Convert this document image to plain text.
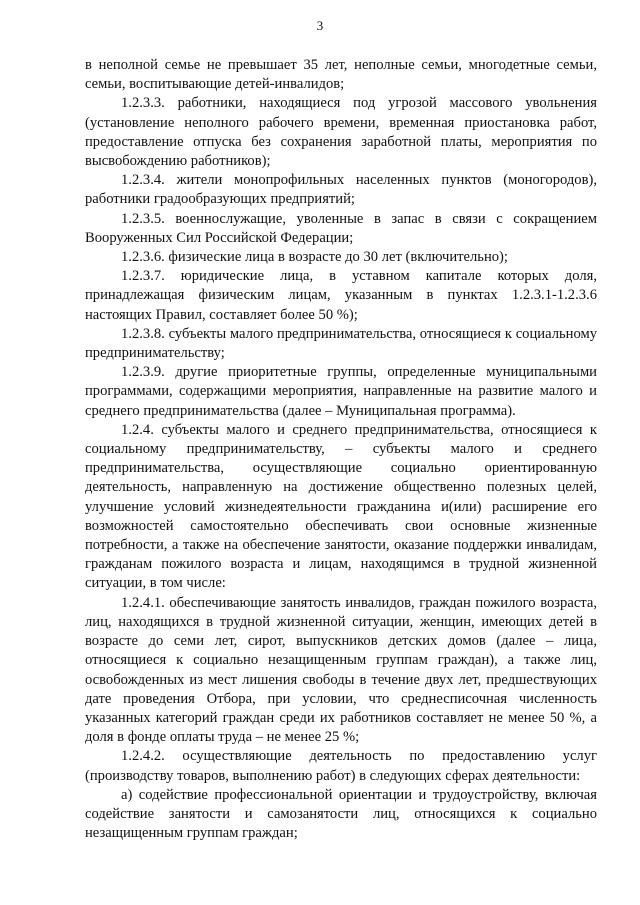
3

в неполной семье не превышает 35 лет, неполные семьи, многодетные семьи, семьи, воспитывающие детей-инвалидов;

1.2.3.3. работники, находящиеся под угрозой массового увольнения (установление неполного рабочего времени, временная приостановка работ, предоставление отпуска без сохранения заработной платы, мероприятия по высвобождению работников);

1.2.3.4. жители монопрофильных населенных пунктов (моногородов), работники градообразующих предприятий;

1.2.3.5. военнослужащие, уволенные в запас в связи с сокращением Вооруженных Сил Российской Федерации;

1.2.3.6. физические лица в возрасте до 30 лет (включительно);

1.2.3.7. юридические лица, в уставном капитале которых доля, принадлежащая физическим лицам, указанным в пунктах 1.2.3.1-1.2.3.6 настоящих Правил, составляет более 50 %);

1.2.3.8. субъекты малого предпринимательства, относящиеся к социальному предпринимательству;

1.2.3.9. другие приоритетные группы, определенные муниципальными программами, содержащими мероприятия, направленные на развитие малого и среднего предпринимательства (далее – Муниципальная программа).

1.2.4. субъекты малого и среднего предпринимательства, относящиеся к социальному предпринимательству, – субъекты малого и среднего предпринимательства, осуществляющие социально ориентированную деятельность, направленную на достижение общественно полезных целей, улучшение условий жизнедеятельности гражданина и(или) расширение его возможностей самостоятельно обеспечивать свои основные жизненные потребности, а также на обеспечение занятости, оказание поддержки инвалидам, гражданам пожилого возраста и лицам, находящимся в трудной жизненной ситуации, в том числе:

1.2.4.1. обеспечивающие занятость инвалидов, граждан пожилого возраста, лиц, находящихся в трудной жизненной ситуации, женщин, имеющих детей в возрасте до семи лет, сирот, выпускников детских домов (далее – лица, относящиеся к социально незащищенным группам граждан), а также лиц, освобожденных из мест лишения свободы в течение двух лет, предшествующих дате проведения Отбора, при условии, что среднесписочная численность указанных категорий граждан среди их работников составляет не менее 50 %, а доля в фонде оплаты труда – не менее 25 %;

1.2.4.2. осуществляющие деятельность по предоставлению услуг (производству товаров, выполнению работ) в следующих сферах деятельности:

а) содействие профессиональной ориентации и трудоустройству, включая содействие занятости и самозанятости лиц, относящихся к социально незащищенным группам граждан;
